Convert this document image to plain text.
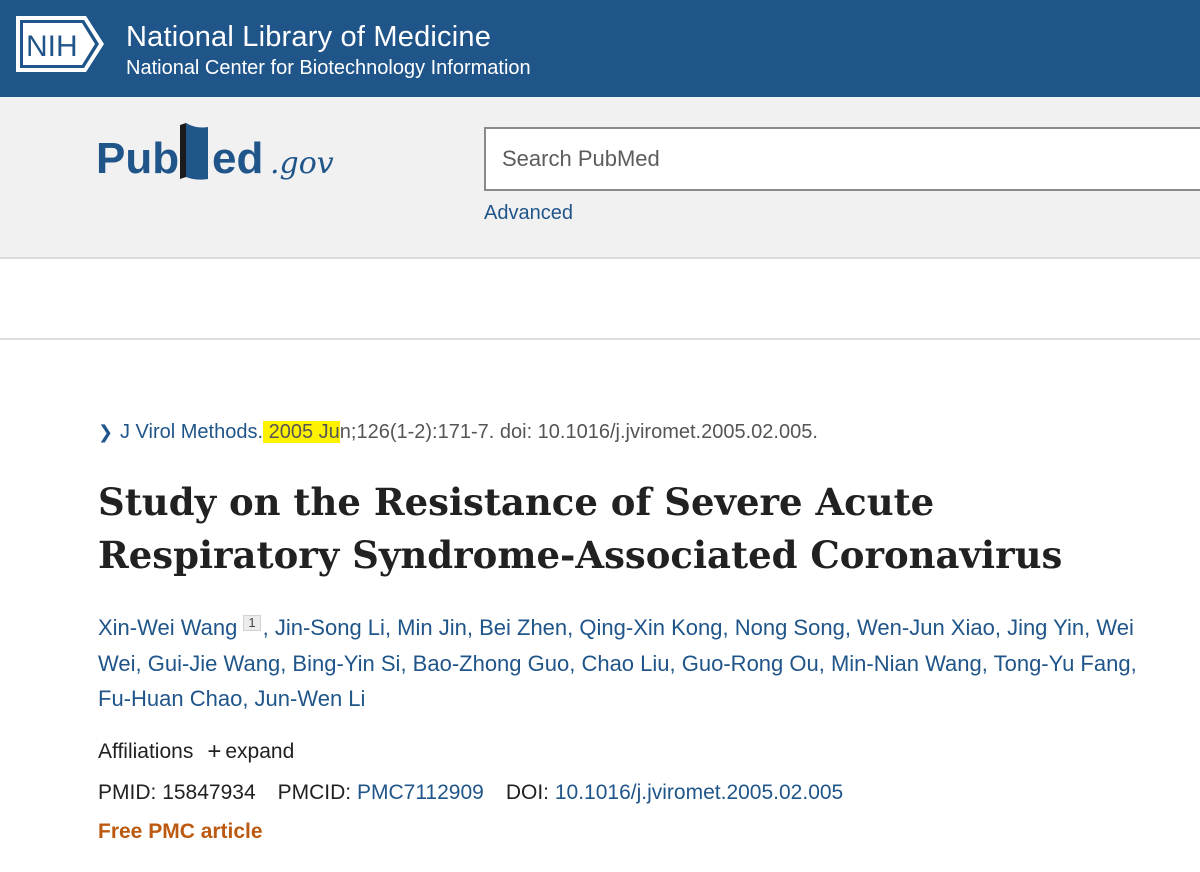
NIH National Library of Medicine
National Center for Biotechnology Information
Pub ed .gov
Search PubMed
Advanced
❯ J Virol Methods. 2005 Jun;126(1-2):171-7. doi: 10.1016/j.jviromet.2005.02.005.
Study on the Resistance of Severe Acute Respiratory Syndrome-Associated Coronavirus
Xin-Wei Wang $^1$ , Jin-Song Li, Min Jin, Bei Zhen, Qing-Xin Kong, Nong Song, Wen-Jun Xiao, Jing Yin, Wei Wei, Gui-Jie Wang, Bing-Yin Si, Bao-Zhong Guo, Chao Liu, Guo-Rong Ou, Min-Nian Wang, Tong-Yu Fang, Fu-Huan Chao, Jun-Wen Li
Affiliations + expand
PMID: 15847934 PMCID: PMC7112909 DOI: 10.1016/j.jviromet.2005.02.005
Free PMC article
